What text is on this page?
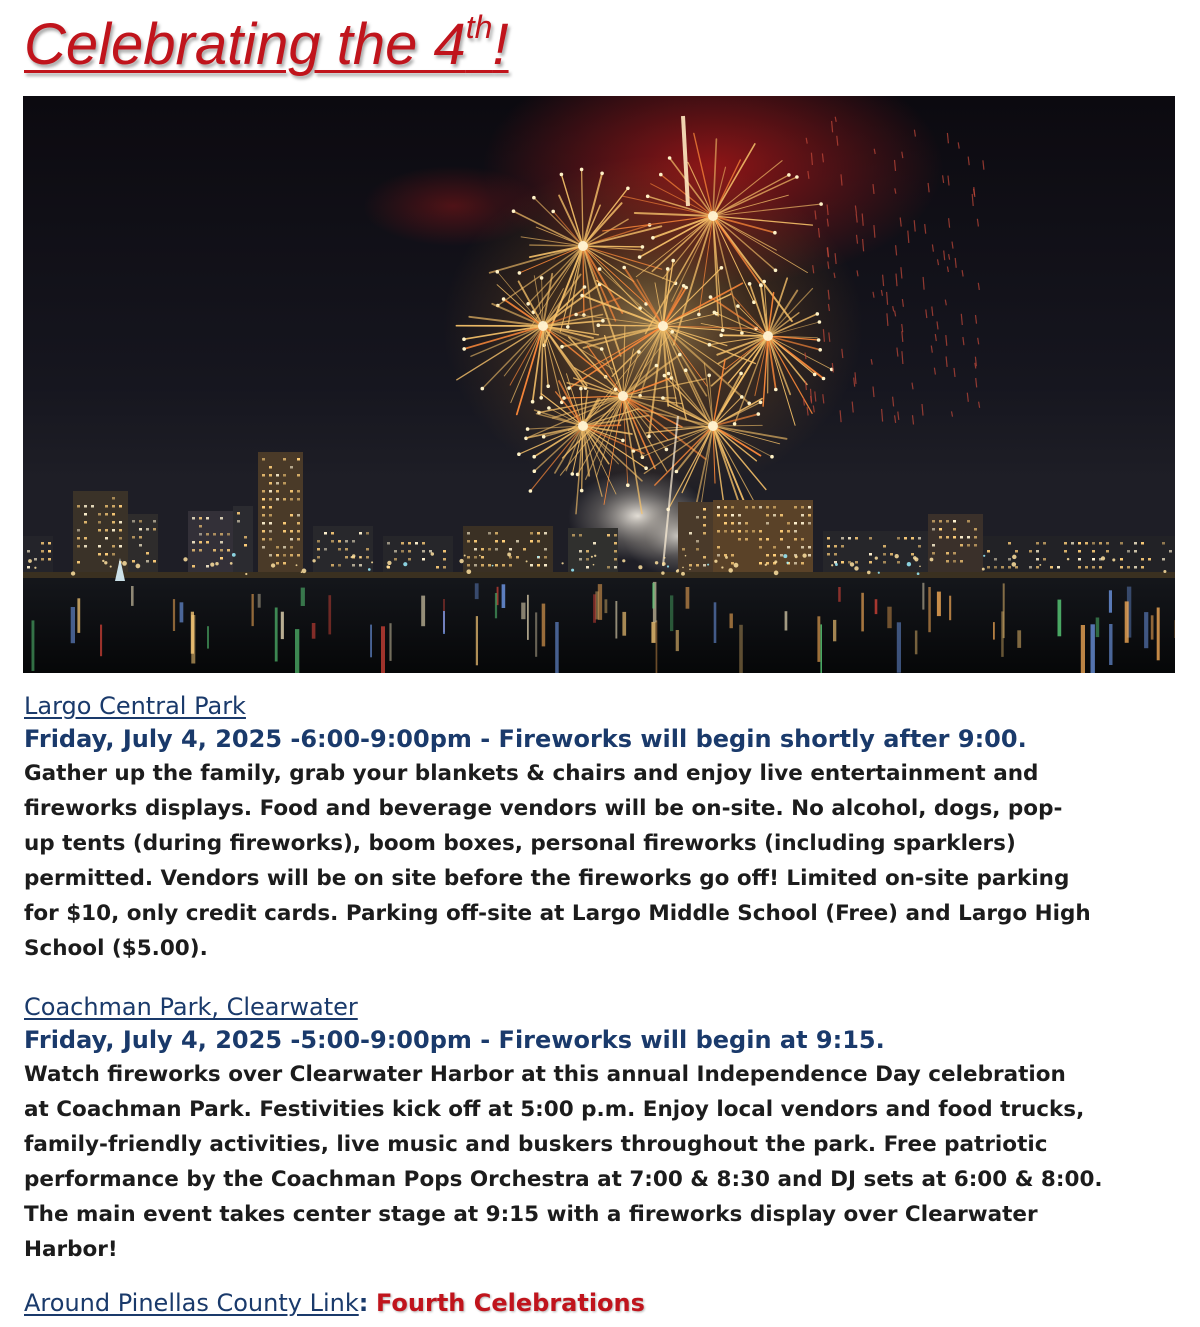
Celebrating the 4th!
Largo Central Park
Friday, July 4, 2025 -6:00-9:00pm - Fireworks will begin shortly after 9:00.
Gather up the family, grab your blankets & chairs and enjoy live entertainment and
fireworks displays. Food and beverage vendors will be on-site. No alcohol, dogs, pop-
up tents (during fireworks), boom boxes, personal fireworks (including sparklers)
permitted. Vendors will be on site before the fireworks go off! Limited on-site parking
for $10, only credit cards. Parking off-site at Largo Middle School (Free) and Largo High
School ($5.00).
Coachman Park, Clearwater
Friday, July 4, 2025 -5:00-9:00pm - Fireworks will begin at 9:15.
Watch fireworks over Clearwater Harbor at this annual Independence Day celebration
at Coachman Park. Festivities kick off at 5:00 p.m. Enjoy local vendors and food trucks,
family-friendly activities, live music and buskers throughout the park. Free patriotic
performance by the Coachman Pops Orchestra at 7:00 & 8:30 and DJ sets at 6:00 & 8:00.
The main event takes center stage at 9:15 with a fireworks display over Clearwater
Harbor!
Around Pinellas County Link: Fourth Celebrations
